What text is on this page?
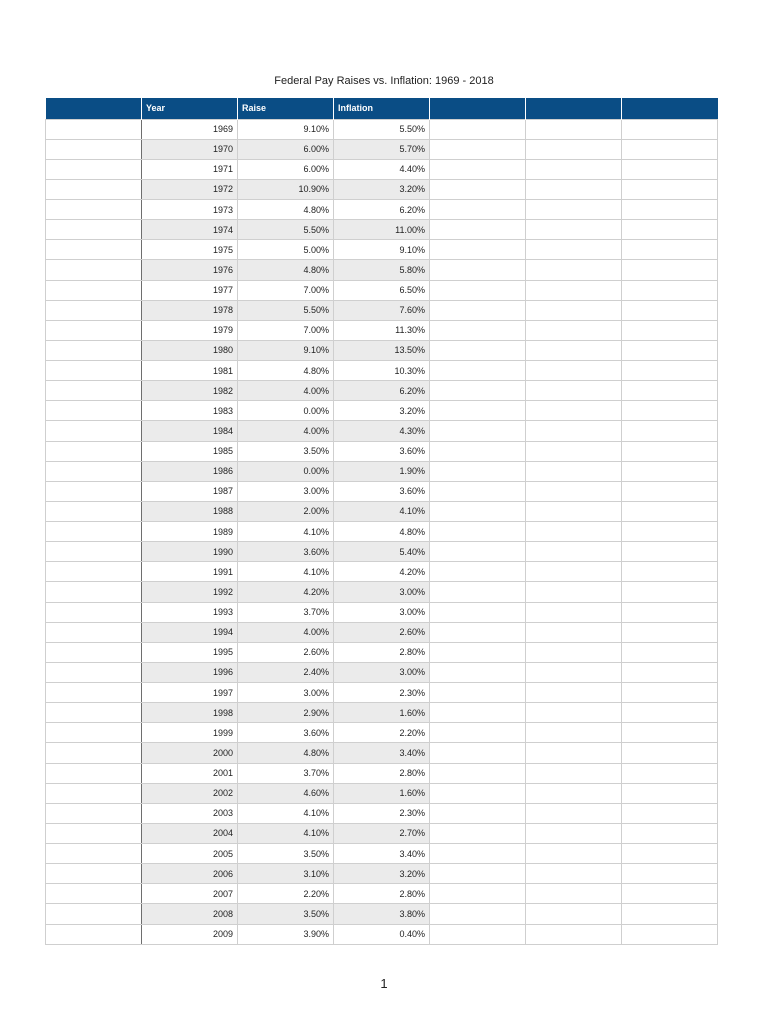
Federal Pay Raises vs. Inflation: 1969 - 2018
	Year	Raise	Inflation			
	1969	9.10%	5.50%			
	1970	6.00%	5.70%			
	1971	6.00%	4.40%			
	1972	10.90%	3.20%			
	1973	4.80%	6.20%			
	1974	5.50%	11.00%			
	1975	5.00%	9.10%			
	1976	4.80%	5.80%			
	1977	7.00%	6.50%			
	1978	5.50%	7.60%			
	1979	7.00%	11.30%			
	1980	9.10%	13.50%			
	1981	4.80%	10.30%			
	1982	4.00%	6.20%			
	1983	0.00%	3.20%			
	1984	4.00%	4.30%			
	1985	3.50%	3.60%			
	1986	0.00%	1.90%			
	1987	3.00%	3.60%			
	1988	2.00%	4.10%			
	1989	4.10%	4.80%			
	1990	3.60%	5.40%			
	1991	4.10%	4.20%			
	1992	4.20%	3.00%			
	1993	3.70%	3.00%			
	1994	4.00%	2.60%			
	1995	2.60%	2.80%			
	1996	2.40%	3.00%			
	1997	3.00%	2.30%			
	1998	2.90%	1.60%			
	1999	3.60%	2.20%			
	2000	4.80%	3.40%			
	2001	3.70%	2.80%			
	2002	4.60%	1.60%			
	2003	4.10%	2.30%			
	2004	4.10%	2.70%			
	2005	3.50%	3.40%			
	2006	3.10%	3.20%			
	2007	2.20%	2.80%			
	2008	3.50%	3.80%			
	2009	3.90%	0.40%			
1
